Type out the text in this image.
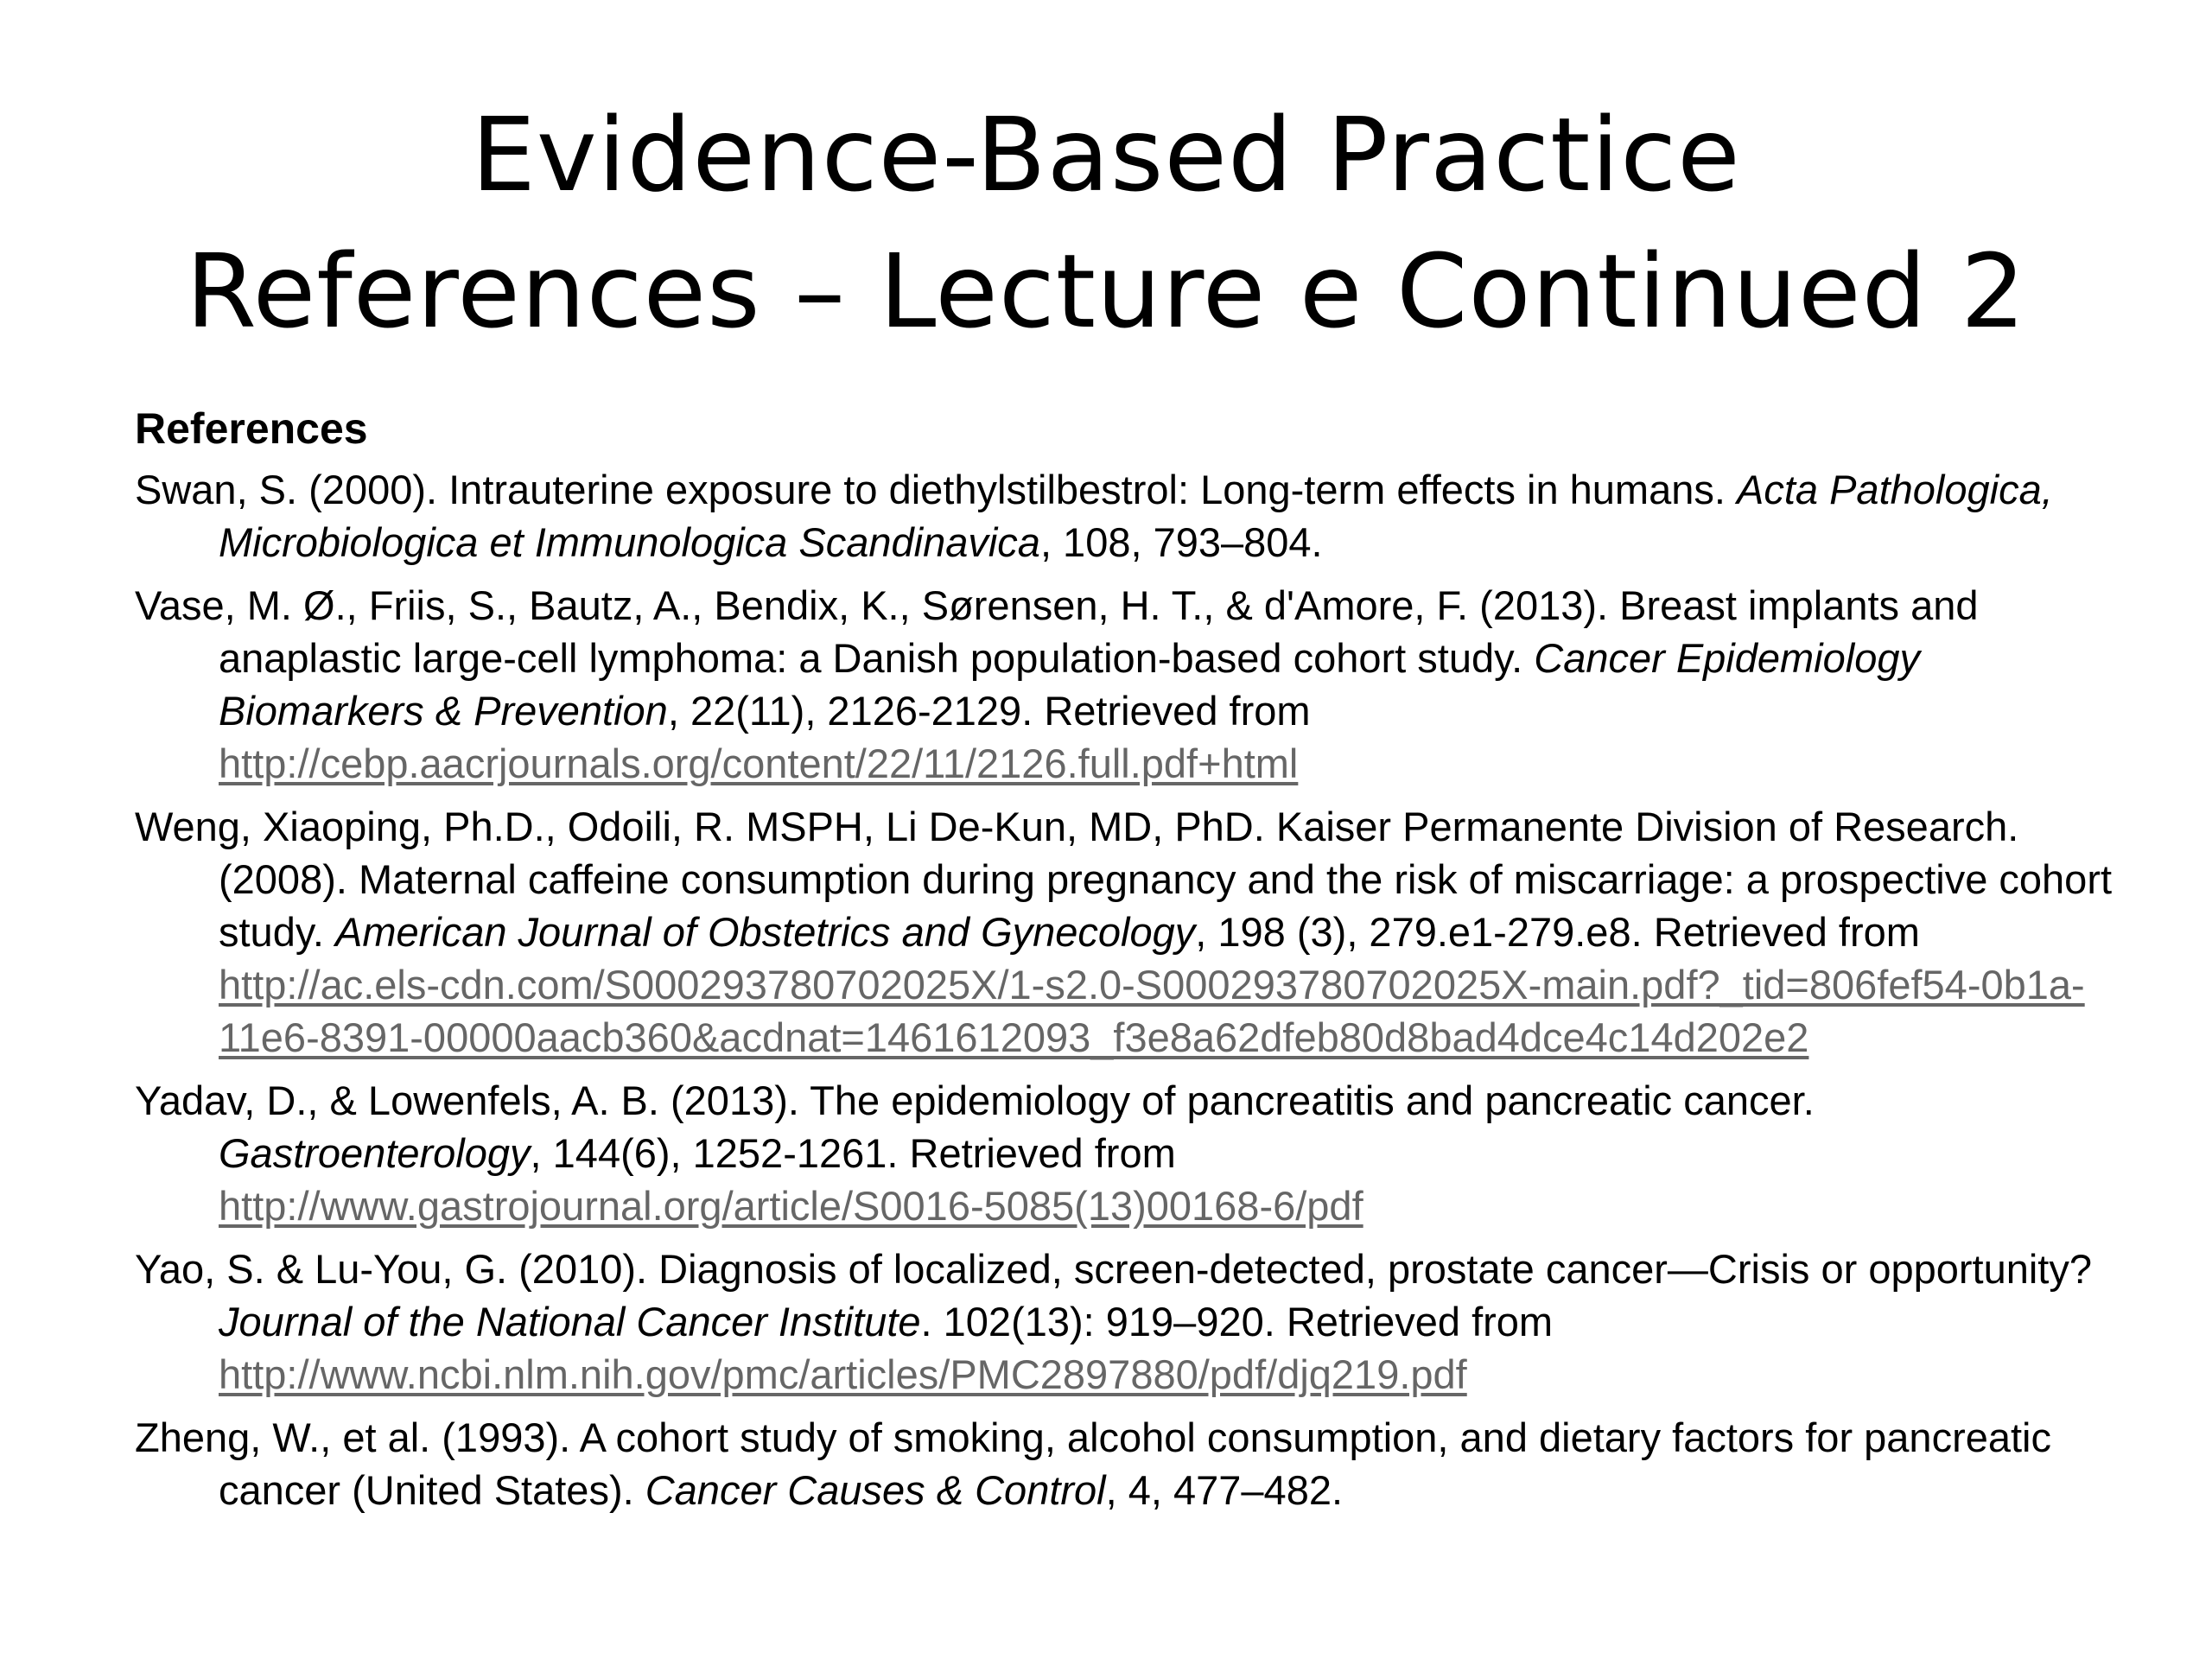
Evidence-Based Practice
References – Lecture e Continued 2
References
Swan, S. (2000). Intrauterine exposure to diethylstilbestrol: Long-term effects in humans. Acta Pathologica, Microbiologica et Immunologica Scandinavica, 108, 793–804.
Vase, M. Ø., Friis, S., Bautz, A., Bendix, K., Sørensen, H. T., & d'Amore, F. (2013). Breast implants and anaplastic large-cell lymphoma: a Danish population-based cohort study. Cancer Epidemiology Biomarkers & Prevention, 22(11), 2126-2129. Retrieved from
http://cebp.aacrjournals.org/content/22/11/2126.full.pdf+html
Weng, Xiaoping, Ph.D., Odoili, R. MSPH, Li De-Kun, MD, PhD. Kaiser Permanente Division of Research. (2008). Maternal caffeine consumption during pregnancy and the risk of miscarriage: a prospective cohort study. American Journal of Obstetrics and Gynecology, 198 (3), 279.e1-279.e8. Retrieved from http://ac.els-cdn.com/S000293780702025X/1-s2.0-S000293780702025X-main.pdf?_tid=806fef54-0b1a-11e6-8391-00000aacb360&acdnat=1461612093_f3e8a62dfeb80d8bad4dce4c14d202e2
Yadav, D., & Lowenfels, A. B. (2013). The epidemiology of pancreatitis and pancreatic cancer. Gastroenterology, 144(6), 1252-1261. Retrieved from
http://www.gastrojournal.org/article/S0016-5085(13)00168-6/pdf
Yao, S. & Lu-You, G. (2010). Diagnosis of localized, screen-detected, prostate cancer—Crisis or opportunity? Journal of the National Cancer Institute. 102(13): 919–920. Retrieved from
http://www.ncbi.nlm.nih.gov/pmc/articles/PMC2897880/pdf/djq219.pdf
Zheng, W., et al. (1993). A cohort study of smoking, alcohol consumption, and dietary factors for pancreatic cancer (United States). Cancer Causes & Control, 4, 477–482.
